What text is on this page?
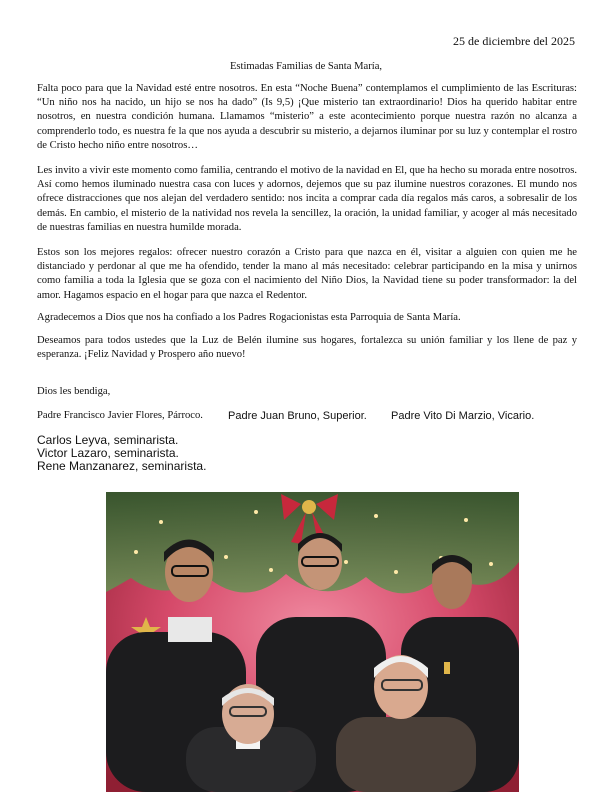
25 de diciembre del 2025
Estimadas Familias de Santa María,

Falta poco para que la Navidad esté entre nosotros. En esta “Noche Buena” contemplamos el cumplimiento de las Escrituras: “Un niño nos ha nacido, un hijo se nos ha dado” (Is 9,5) ¡Que misterio tan extraordinario! Dios ha querido habitar entre nosotros, en nuestra condición humana. Llamamos “misterio” a este acontecimiento porque nuestra razón no alcanza a comprenderlo todo, es nuestra fe la que nos ayuda a descubrir su misterio, a dejarnos iluminar por su luz y contemplar el rostro de Cristo hecho niño entre nosotros…

Les invito a vivir este momento como familia, centrando el motivo de la navidad en El, que ha hecho su morada entre nosotros. Así como hemos iluminado nuestra casa con luces y adornos, dejemos que su paz ilumine nuestros corazones. El mundo nos ofrece distracciones que nos alejan del verdadero sentido: nos incita a comprar cada día regalos más caros, a sobresalir de los demás. En cambio, el misterio de la natividad nos revela la sencillez, la oración, la unidad familiar, y acoger al más necesitado de nuestras familias en nuestra humilde morada.

Estos son los mejores regalos: ofrecer nuestro corazón a Cristo para que nazca en él, visitar a alguien con quien me he distanciado y perdonar al que me ha ofendido, tender la mano al más necesitado: celebrar participando en la misa y unirnos como familia a toda la Iglesia que se goza con el nacimiento del Niño Dios, la Navidad tiene su poder transformador: la del amor. Hagamos espacio en el hogar para que nazca el Redentor.

Agradecemos a Dios que nos ha confiado a los Padres Rogacionistas esta Parroquia de Santa María.

Deseamos para todos ustedes que la Luz de Belén ilumine sus hogares, fortalezca su unión familiar y los llene de paz y esperanza. ¡Feliz Navidad y Prospero año nuevo!

Dios les bendiga,
Padre Francisco Javier Flores, Párroco. Padre Juan Bruno, Superior. Padre Vito Di Marzio, Vicario.
Carlos Leyva, seminarista.
Victor Lazaro, seminarista.
Rene Manzanarez, seminarista.
